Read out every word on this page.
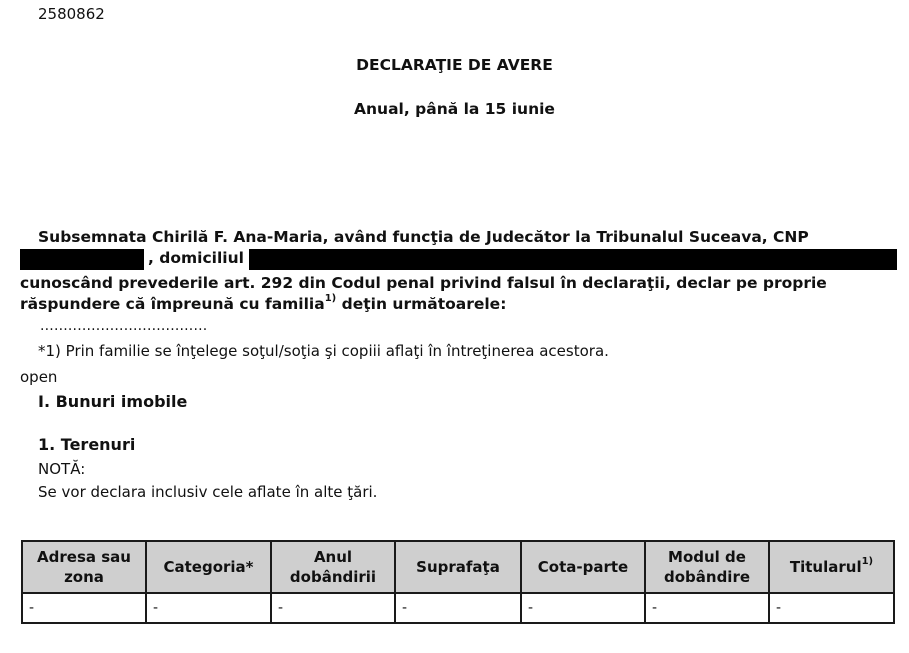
2580862
DECLARAŢIE DE AVERE
Anual, până la 15 iunie
Subsemnata Chirilă F. Ana-Maria, având funcţia de Judecător la Tribunalul Suceava, CNP
, domiciliul
cunoscând prevederile art. 292 din Codul penal privind falsul în declaraţii, declar pe proprie
răspundere că împreună cu familia$^{1)}$ deţin următoarele:
....................................
*1) Prin familie se înţelege soţul/soţia şi copiii aflaţi în întreţinerea acestora.
open
I. Bunuri imobile
1. Terenuri
NOTĂ:
Se vor declara inclusiv cele aflate în alte ţări.
Adresa sau zona	Categoria*	Anul dobândirii	Suprafaţa	Cota-parte	Modul de dobândire	Titularul$^{1)}$
-	-	-	-	-	-	-
